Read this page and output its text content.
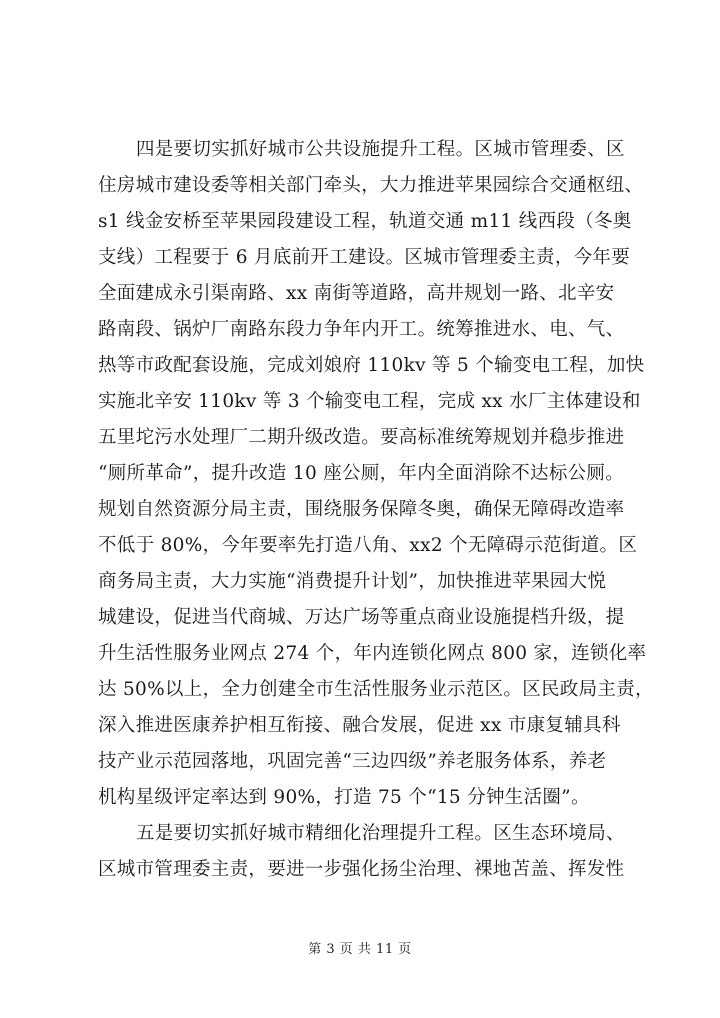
四是要切实抓好城市公共设施提升工程。区城市管理委、区
住房城市建设委等相关部门牵头，大力推进苹果园综合交通枢纽、
s1 线金安桥至苹果园段建设工程，轨道交通 m11 线西段（冬奥
支线）工程要于 6 月底前开工建设。区城市管理委主责，今年要
全面建成永引渠南路、xx 南街等道路，高井规划一路、北辛安
路南段、锅炉厂南路东段力争年内开工。统筹推进水、电、气、
热等市政配套设施，完成刘娘府 110kv 等 5 个输变电工程，加快
实施北辛安 110kv 等 3 个输变电工程，完成 xx 水厂主体建设和
五里坨污水处理厂二期升级改造。要高标准统筹规划并稳步推进
“厕所革命”，提升改造 10 座公厕，年内全面消除不达标公厕。
规划自然资源分局主责，围绕服务保障冬奥，确保无障碍改造率
不低于 80%，今年要率先打造八角、xx2 个无障碍示范街道。区
商务局主责，大力实施“消费提升计划”，加快推进苹果园大悦
城建设，促进当代商城、万达广场等重点商业设施提档升级，提
升生活性服务业网点 274 个，年内连锁化网点 800 家，连锁化率
达 50%以上，全力创建全市生活性服务业示范区。区民政局主责，
深入推进医康养护相互衔接、融合发展，促进 xx 市康复辅具科
技产业示范园落地，巩固完善“三边四级”养老服务体系，养老
机构星级评定率达到 90%，打造 75 个“15 分钟生活圈”。
五是要切实抓好城市精细化治理提升工程。区生态环境局、
区城市管理委主责，要进一步强化扬尘治理、裸地苫盖、挥发性
第 3 页 共 11 页
